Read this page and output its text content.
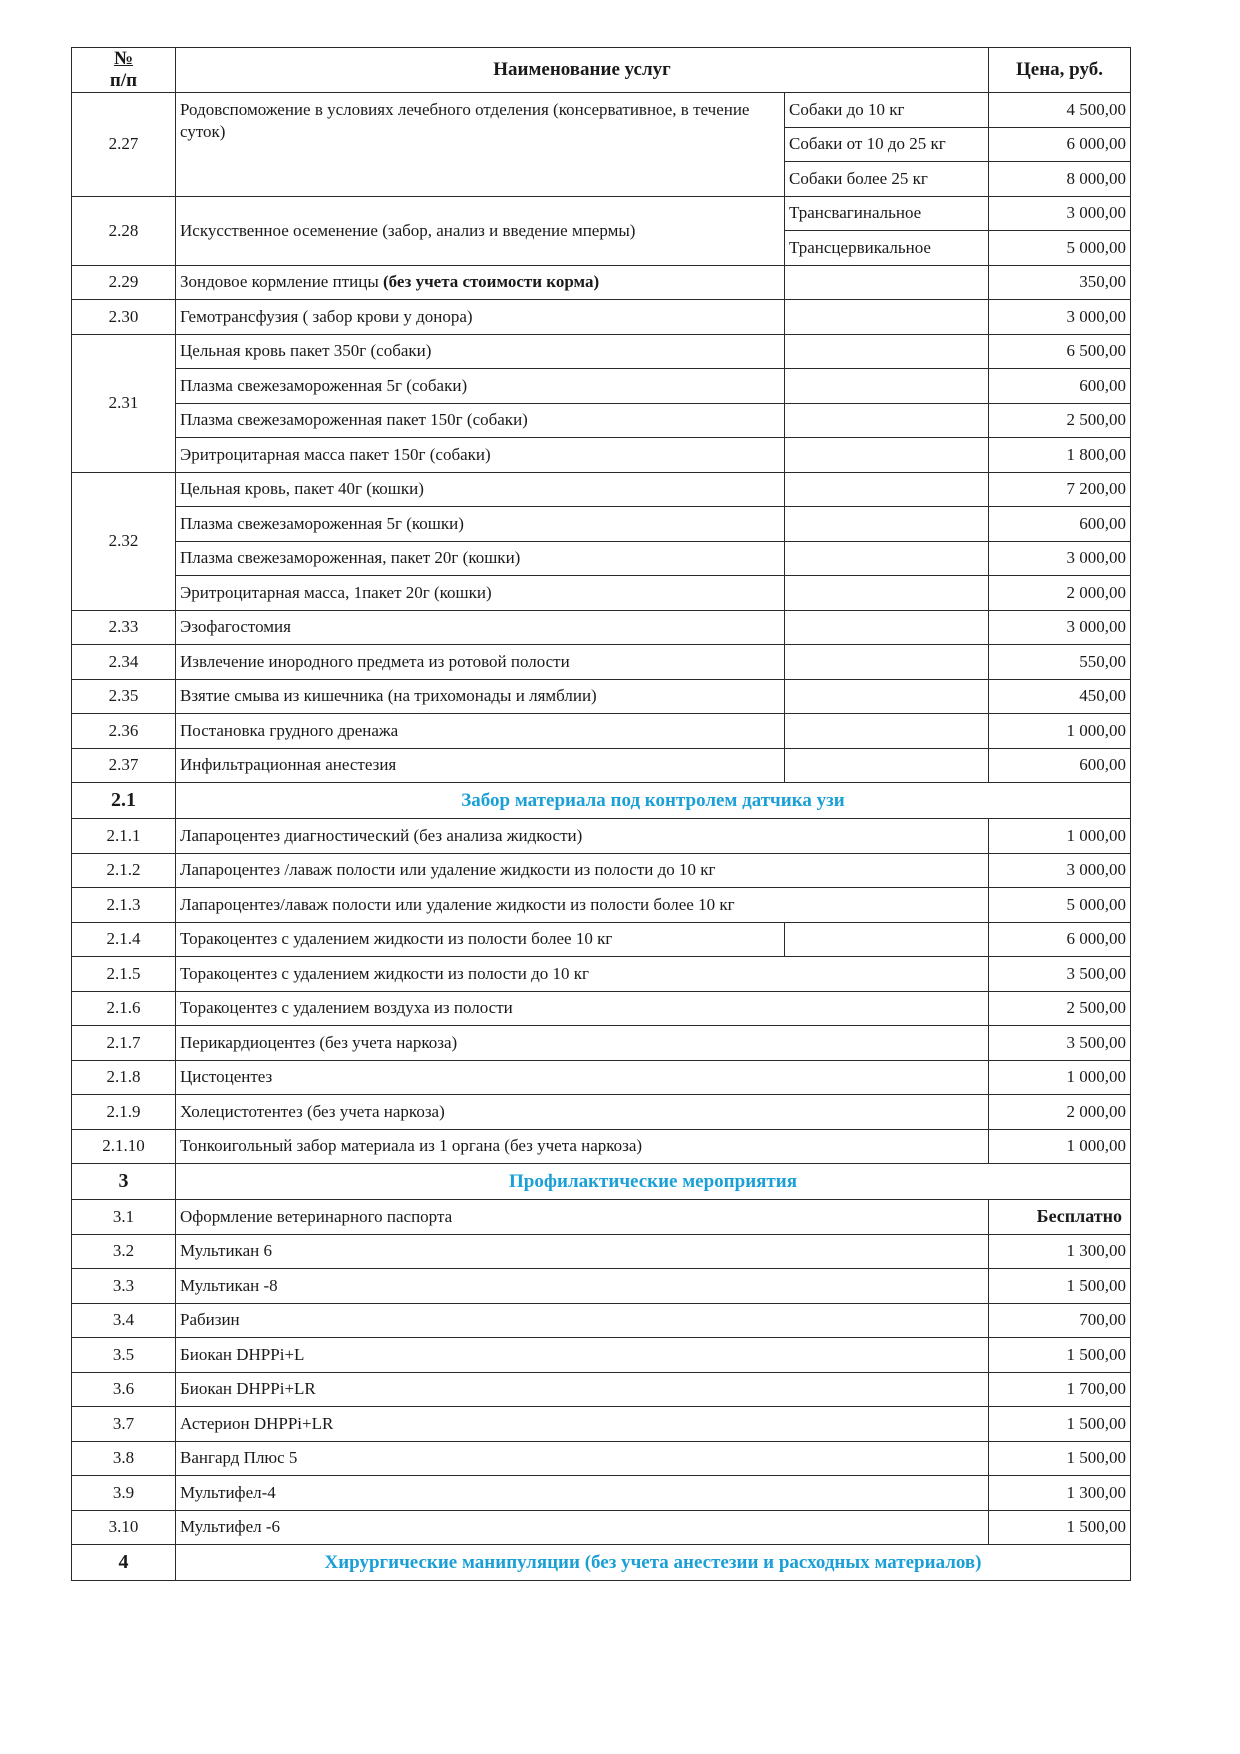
№
п/п	Наименование услуг		Цена, руб.
2.27	Родовспоможение в условиях лечебного отделения (консервативное, в течение суток)	Собаки до 10 кг	4 500,00
		Собаки от 10 до 25 кг	6 000,00
		Собаки более 25 кг	8 000,00
2.28	Искусственное осеменение (забор, анализ и введение мпермы)	Трансвагинальное	3 000,00
		Трансцервикальное	5 000,00
2.29	Зондовое кормление птицы (без учета стоимости корма)		350,00
2.30	Гемотрансфузия ( забор крови у донора)		3 000,00
2.31	Цельная кровь пакет 350г (собаки)		6 500,00
	Плазма свежезамороженная 5г (собаки)		600,00
	Плазма свежезамороженная пакет 150г (собаки)		2 500,00
	Эритроцитарная масса пакет 150г (собаки)		1 800,00
2.32	Цельная кровь, пакет 40г (кошки)		7 200,00
	Плазма свежезамороженная 5г (кошки)		600,00
	Плазма свежезамороженная, пакет 20г (кошки)		3 000,00
	Эритроцитарная масса, 1пакет 20г (кошки)		2 000,00
2.33	Эзофагостомия		3 000,00
2.34	Извлечение инородного предмета из ротовой полости		550,00
2.35	Взятие смыва из кишечника (на трихомонады и лямблии)		450,00
2.36	Постановка грудного дренажа		1 000,00
2.37	Инфильтрационная анестезия		600,00
2.1	Забор материала под контролем датчика узи		
2.1.1	Лапароцентез диагностический (без анализа жидкости)		1 000,00
2.1.2	Лапароцентез /лаваж полости или удаление жидкости из полости до 10 кг		3 000,00
2.1.3	Лапароцентез/лаваж полости или удаление жидкости из полости более 10 кг		5 000,00
2.1.4	Торакоцентез с удалением жидкости из полости более 10 кг		6 000,00
2.1.5	Торакоцентез с удалением жидкости из полости до 10 кг		3 500,00
2.1.6	Торакоцентез с удалением воздуха из полости		2 500,00
2.1.7	Перикардиоцентез (без учета наркоза)		3 500,00
2.1.8	Цистоцентез		1 000,00
2.1.9	Холецистотентез (без учета наркоза)		2 000,00
2.1.10	Тонкоигольный забор материала из 1 органа (без учета наркоза)		1 000,00
3	Профилактические мероприятия		
3.1	Оформление ветеринарного паспорта		Бесплатно
3.2	Мультикан 6		1 300,00
3.3	Мультикан -8		1 500,00
3.4	Рабизин		700,00
3.5	Биокан DHPPi+L		1 500,00
3.6	Биокан DHPPi+LR		1 700,00
3.7	Астерион DHPPi+LR		1 500,00
3.8	Вангард Плюс 5		1 500,00
3.9	Мультифел-4		1 300,00
3.10	Мультифел -6		1 500,00
4	Хирургические манипуляции (без учета анестезии и расходных материалов)		
